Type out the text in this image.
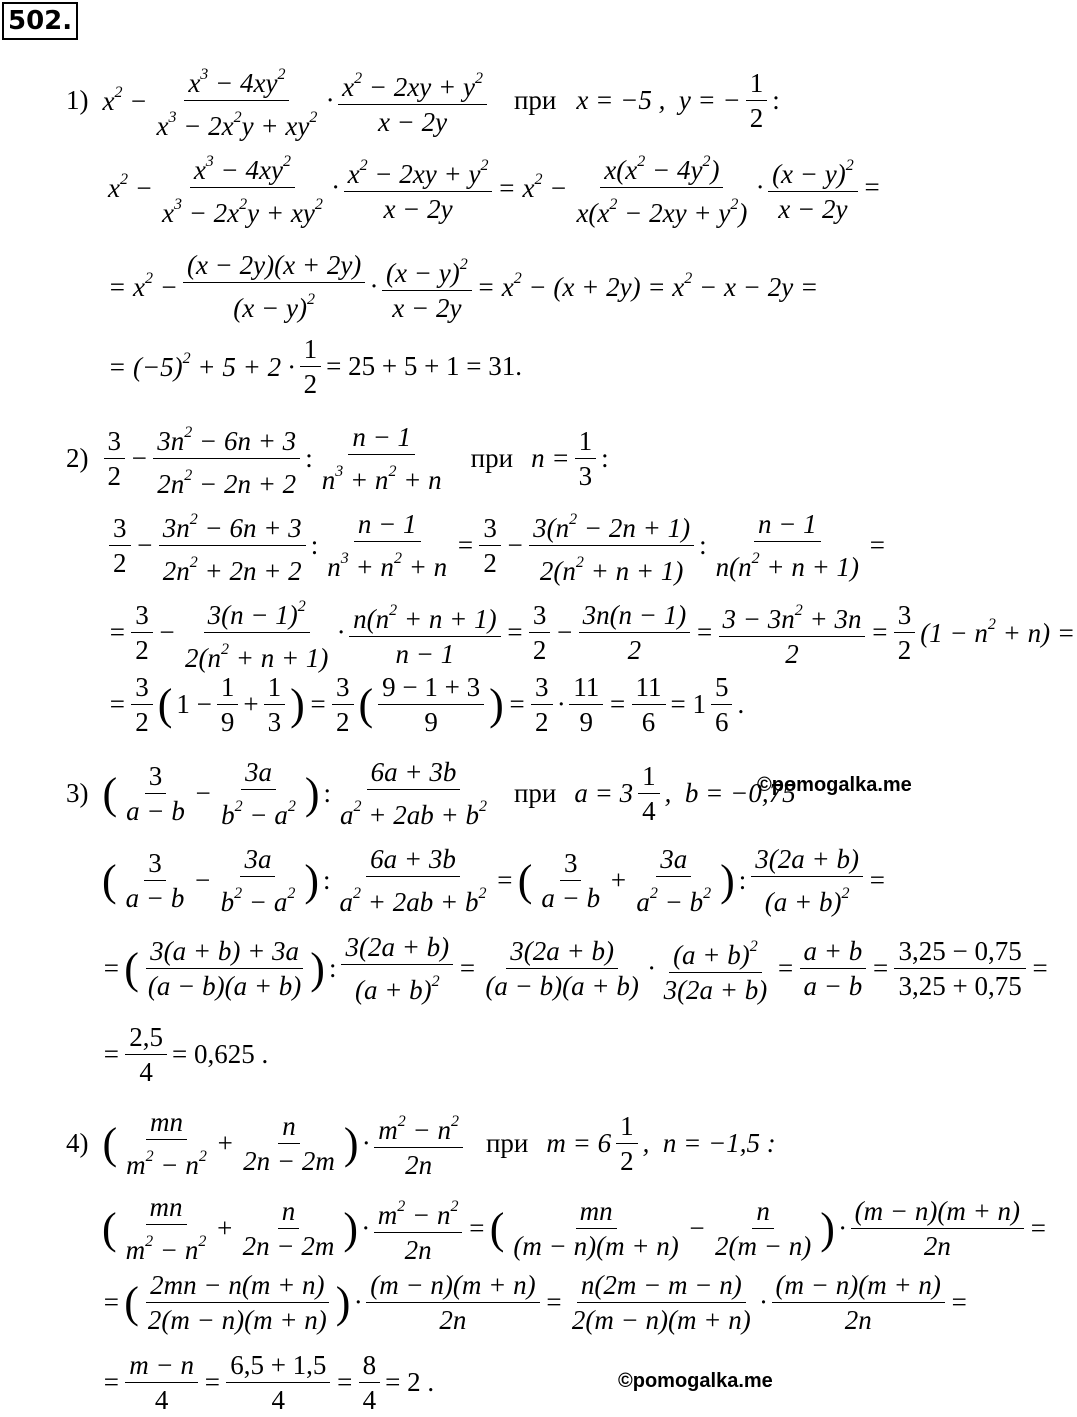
502.
1) $x^2 - \frac{x^3 - 4xy^2}{x^3 - 2x^2y + xy^2} \cdot \frac{x^2 - 2xy + y^2}{x - 2y}$ при x = −5 ,  y = − $\frac{1}{2}$ :
$x^2 - \frac{x^3 - 4xy^2}{x^3 - 2x^2y + xy^2} \cdot \frac{x^2 - 2xy + y^2}{x - 2y} = x^2 - \frac{x(x^2 - 4y^2)}{x(x^2 - 2xy + y^2)} \cdot \frac{(x - y)^2}{x - 2y}$ =
= $x^2 - \frac{(x - 2y)(x + 2y)}{(x - y)^2} \cdot \frac{(x - y)^2}{x - 2y} = x^2 - (x + 2y) = x^2 - x - 2y$ =
= $(-5)^2 + 5 + 2 \cdot \frac{1}{2} = 25 + 5 + 1 = 31$.
$2) \frac{3}{2} - \frac{3n^2 - 6n + 3}{2n^2 - 2n + 2}$ : $\frac{n - 1}{n^3 + n^2 + n}$ при $n = \frac{1}{3}$ :
$\frac{3}{2} - \frac{3n^2 - 6n + 3}{2n^2 + 2n + 2}$ : $\frac{n - 1}{n^3 + n^2 + n} = \frac{3}{2} - \frac{3(n^2 - 2n + 1)}{2(n^2 + n + 1)}$ : $\frac{n - 1}{n(n^2 + n + 1)}$ =
= $\frac{3}{2} - \frac{3(n - 1)^2}{2(n^2 + n + 1)} \cdot \frac{n(n^2 + n + 1)}{n - 1} = \frac{3}{2} - \frac{3n(n - 1)}{2} = \frac{3 - 3n^2 + 3n}{2} = \frac{3}{2} (1 - n^2 + n)$ =
= $\frac{3}{2}$ ( $1 - \frac{1}{9} + \frac{1}{3}$ ) = $\frac{3}{2}$ ( $\frac{9 - 1 + 3}{9}$ ) = $\frac{3}{2} \cdot \frac{11}{9} = \frac{11}{6} = 1 \frac{5}{6}$ .
3) ( $\frac{3}{a - b} - \frac{3a}{b^2 - a^2}$ ) : $\frac{6a + 3b}{a^2 + 2ab + b^2}$ при $a = 3 \frac{1}{4}$ ,  b = −0,75
©pomogalka.me
( $\frac{3}{a - b} - \frac{3a}{b^2 - a^2}$ ) : $\frac{6a + 3b}{a^2 + 2ab + b^2}$ = ( $\frac{3}{a - b} + \frac{3a}{a^2 - b^2}$ ) : $\frac{3(2a + b)}{(a + b)^2}$ =
= ( $\frac{3(a + b) + 3a}{(a - b)(a + b)}$ ) : $\frac{3(2a + b)}{(a + b)^2} = \frac{3(2a + b)}{(a - b)(a + b)} \cdot \frac{(a + b)^2}{3(2a + b)} = \frac{a + b}{a - b} = \frac{3,25 - 0,75}{3,25 + 0,75}$ =
= $\frac{2,5}{4} = 0,625$ .
4) ( $\frac{mn}{m^2 - n^2} + \frac{n}{2n - 2m}$ ) · $\frac{m^2 - n^2}{2n}$ при $m = 6 \frac{1}{2}$ ,  n = −1,5 :
( $\frac{mn}{m^2 - n^2} + \frac{n}{2n - 2m}$ ) · $\frac{m^2 - n^2}{2n}$ = ( $\frac{mn}{(m - n)(m + n)} - \frac{n}{2(m - n)}$ ) · $\frac{(m - n)(m + n)}{2n}$ =
= ( $\frac{2mn - n(m + n)}{2(m - n)(m + n)}$ ) · $\frac{(m - n)(m + n)}{2n} = \frac{n(2m - m - n)}{2(m - n)(m + n)} \cdot \frac{(m - n)(m + n)}{2n}$ =
= $\frac{m - n}{4} = \frac{6,5 + 1,5}{4} = \frac{8}{4} = 2$ .	©pomogalka.me
